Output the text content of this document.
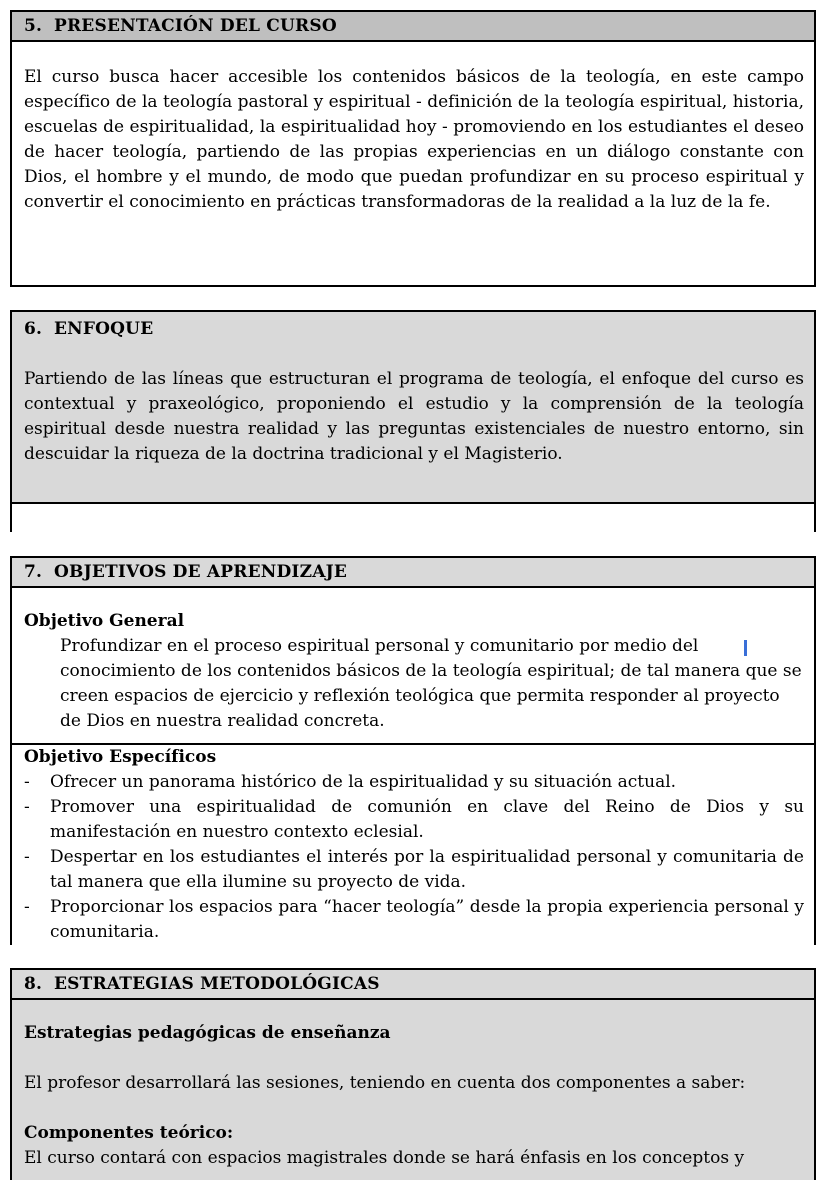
5. PRESENTACIÓN DEL CURSO
El curso busca hacer accesible los contenidos básicos de la teología, en este campo específico de la teología pastoral y espiritual - definición de la teología espiritual, historia, escuelas de espiritualidad, la espiritualidad hoy - promoviendo en los estudiantes el deseo de hacer teología, partiendo de las propias experiencias en un diálogo constante con Dios, el hombre y el mundo, de modo que puedan profundizar en su proceso espiritual y convertir el conocimiento en prácticas transformadoras de la realidad a la luz de la fe.
6. ENFOQUE

Partiendo de las líneas que estructuran el programa de teología, el enfoque del curso es contextual y praxeológico, proponiendo el estudio y la comprensión de la teología espiritual desde nuestra realidad y las preguntas existenciales de nuestro entorno, sin descuidar la riqueza de la doctrina tradicional y el Magisterio.

7. OBJETIVOS DE APRENDIZAJE
Objetivo General

Profundizar en el proceso espiritual personal y comunitario por medio del conocimiento de los contenidos básicos de la teología espiritual; de tal manera que se creen espacios de ejercicio y reflexión teológica que permita responder al proyecto de Dios en nuestra realidad concreta.

Objetivo Específicos
-	Ofrecer un panorama histórico de la espiritualidad y su situación actual.
-	Promover una espiritualidad de comunión en clave del Reino de Dios y su manifestación en nuestro contexto eclesial.
-	Despertar en los estudiantes el interés por la espiritualidad personal y comunitaria de tal manera que ella ilumine su proyecto de vida.
-	Proporcionar los espacios para “hacer teología” desde la propia experiencia personal y comunitaria.
8. ESTRATEGIAS METODOLÓGICAS
Estrategias pedagógicas de enseñanza
El profesor desarrollará las sesiones, teniendo en cuenta dos componentes a saber:
Componentes teórico:
El curso contará con espacios magistrales donde se hará énfasis en los conceptos y
